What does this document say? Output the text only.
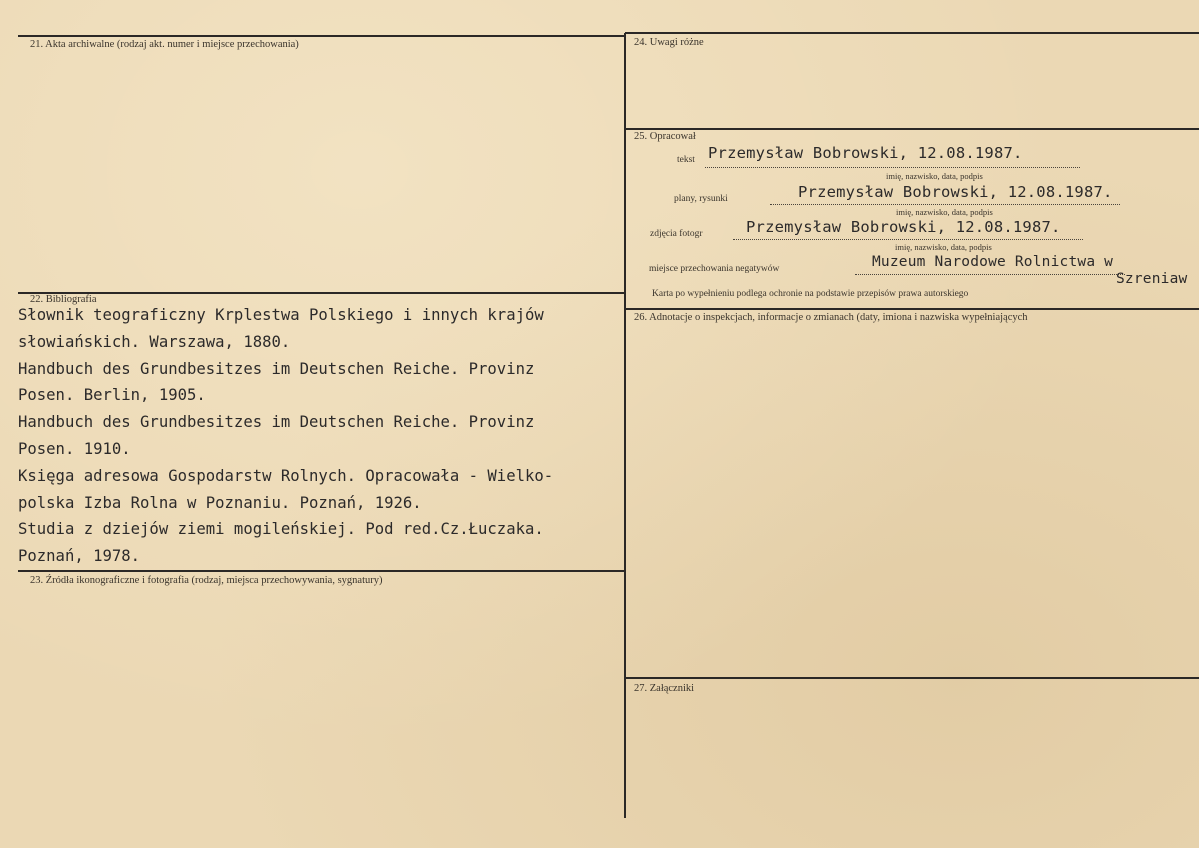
21. Akta archiwalne (rodzaj akt. numer i miejsce przechowania)
22. Bibliografia
Słownik teograficzny Krplestwa Polskiego i innych krajów
słowiańskich. Warszawa, 1880.
Handbuch des Grundbesitzes im Deutschen Reiche. Provinz
Posen. Berlin, 1905.
Handbuch des Grundbesitzes im Deutschen Reiche. Provinz
Posen. 1910.
Księga adresowa Gospodarstw Rolnych. Opracowała - Wielko-
polska Izba Rolna w Poznaniu. Poznań, 1926.
Studia z dziejów ziemi mogileńskiej. Pod red.Cz.Łuczaka.
Poznań, 1978.
23. Źródła ikonograficzne i fotografia (rodzaj, miejsca przechowywania, sygnatury)
24. Uwagi różne
25. Opracował
tekst Przemysław Bobrowski, 12.08.1987.
imię, nazwisko, data, podpis
plany, rysunki	Przemysław Bobrowski, 12.08.1987.
imię, nazwisko, data, podpis
zdjęcia fotogr	Przemysław Bobrowski, 12.08.1987.
imię, nazwisko, data, podpis
miejsce przechowania negatywów	Muzeum Narodowe Rolnictwa w
Szreniaw
Karta po wypełnieniu podlega ochronie na podstawie przepisów prawa autorskiego
26. Adnotacje o inspekcjach, informacje o zmianach (daty, imiona i nazwiska wypełniających
27. Załączniki
